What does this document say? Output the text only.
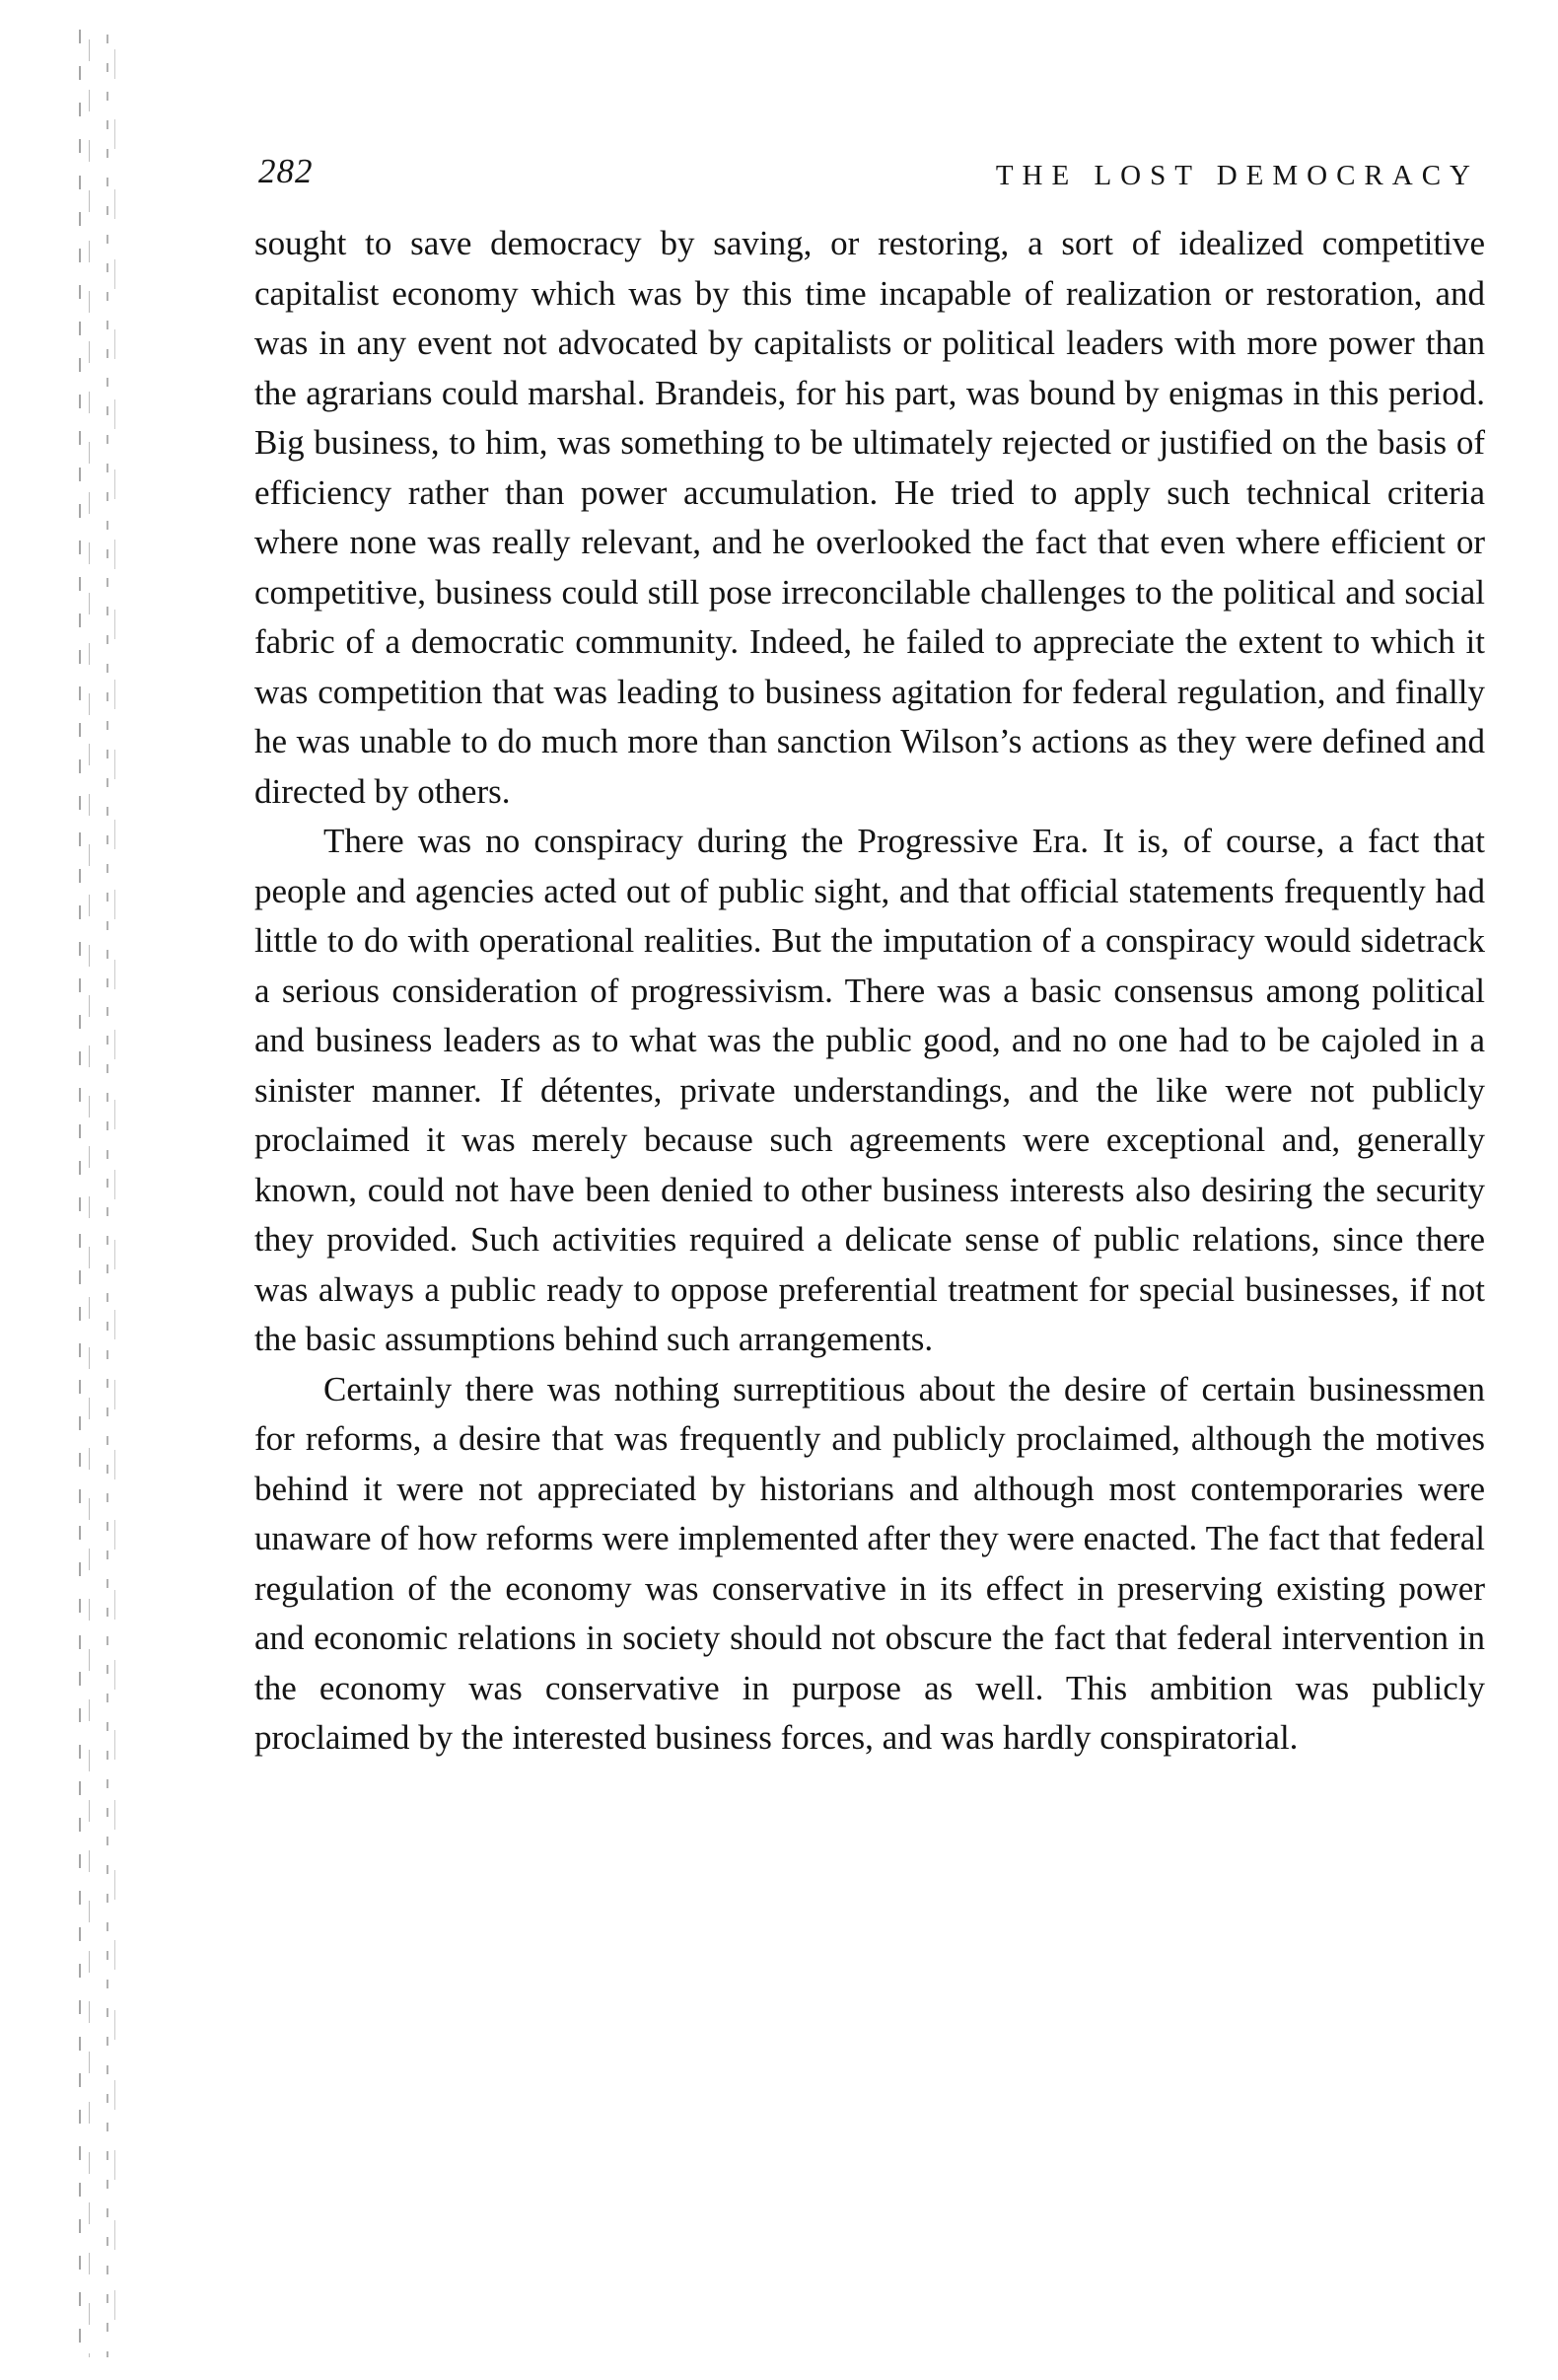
282	THE LOST DEMOCRACY

sought to save democracy by saving, or restoring, a sort of idealized competitive capitalist economy which was by this time incapable of realization or restoration, and was in any event not advocated by capitalists or political leaders with more power than the agrarians could marshal. Brandeis, for his part, was bound by enigmas in this period. Big business, to him, was something to be ultimately rejected or justified on the basis of efficiency rather than power accumulation. He tried to apply such technical criteria where none was really relevant, and he overlooked the fact that even where efficient or competitive, business could still pose irreconcilable challenges to the political and social fabric of a democratic community. Indeed, he failed to appreciate the extent to which it was competition that was leading to business agitation for federal regulation, and finally he was unable to do much more than sanction Wilson’s actions as they were defined and directed by others.

There was no conspiracy during the Progressive Era. It is, of course, a fact that people and agencies acted out of public sight, and that official statements frequently had little to do with operational realities. But the imputation of a conspiracy would sidetrack a serious consideration of progressivism. There was a basic consensus among political and business leaders as to what was the public good, and no one had to be cajoled in a sinister manner. If détentes, private understandings, and the like were not publicly proclaimed it was merely because such agreements were exceptional and, generally known, could not have been denied to other business interests also desiring the security they provided. Such activities required a delicate sense of public relations, since there was always a public ready to oppose preferential treatment for special businesses, if not the basic assumptions behind such arrangements.

Certainly there was nothing surreptitious about the desire of certain businessmen for reforms, a desire that was frequently and publicly proclaimed, although the motives behind it were not appreciated by historians and although most contemporaries were unaware of how reforms were implemented after they were enacted. The fact that federal regulation of the economy was conservative in its effect in preserving existing power and economic relations in society should not obscure the fact that federal intervention in the economy was conservative in purpose as well. This ambition was publicly proclaimed by the interested business forces, and was hardly conspiratorial.
